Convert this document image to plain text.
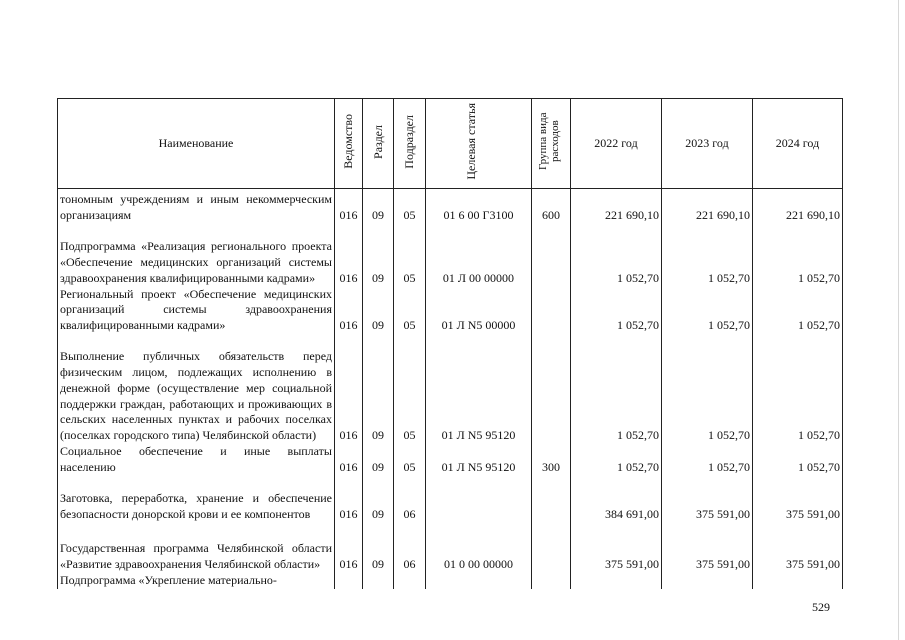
Наименование	Ведомство	Раздел	Подраздел	Целевая статья	Группа вида расходов	2022 год	2023 год	2024 год
тономным учреждениям и иным некоммерческим организациям	016	09	05	01 6 00 Г3100	600	221 690,10	221 690,10	221 690,10
Подпрограмма «Реализация регионального проекта «Обеспечение медицинских организаций системы здравоохранения квалифицированными кадрами»	016	09	05	01 Л 00 00000		1 052,70	1 052,70	1 052,70
Региональный проект «Обеспечение медицинских организаций системы здравоохранения квалифицированными кадрами»	016	09	05	01 Л N5 00000		1 052,70	1 052,70	1 052,70
Выполнение публичных обязательств перед физическим лицом, подлежащих исполнению в денежной форме (осуществление мер социальной поддержки граждан, работающих и проживающих в сельских населенных пунктах и рабочих поселках (поселках городского типа) Челябинской области)	016	09	05	01 Л N5 95120		1 052,70	1 052,70	1 052,70
Социальное обеспечение и иные выплаты населению	016	09	05	01 Л N5 95120	300	1 052,70	1 052,70	1 052,70
Заготовка, переработка, хранение и обеспечение безопасности донорской крови и ее компонентов	016	09	06			384 691,00	375 591,00	375 591,00
Государственная программа Челябинской области «Развитие здравоохранения Челябинской области»	016	09	06	01 0 00 00000		375 591,00	375 591,00	375 591,00
Подпрограмма «Укрепление материально-								
529
